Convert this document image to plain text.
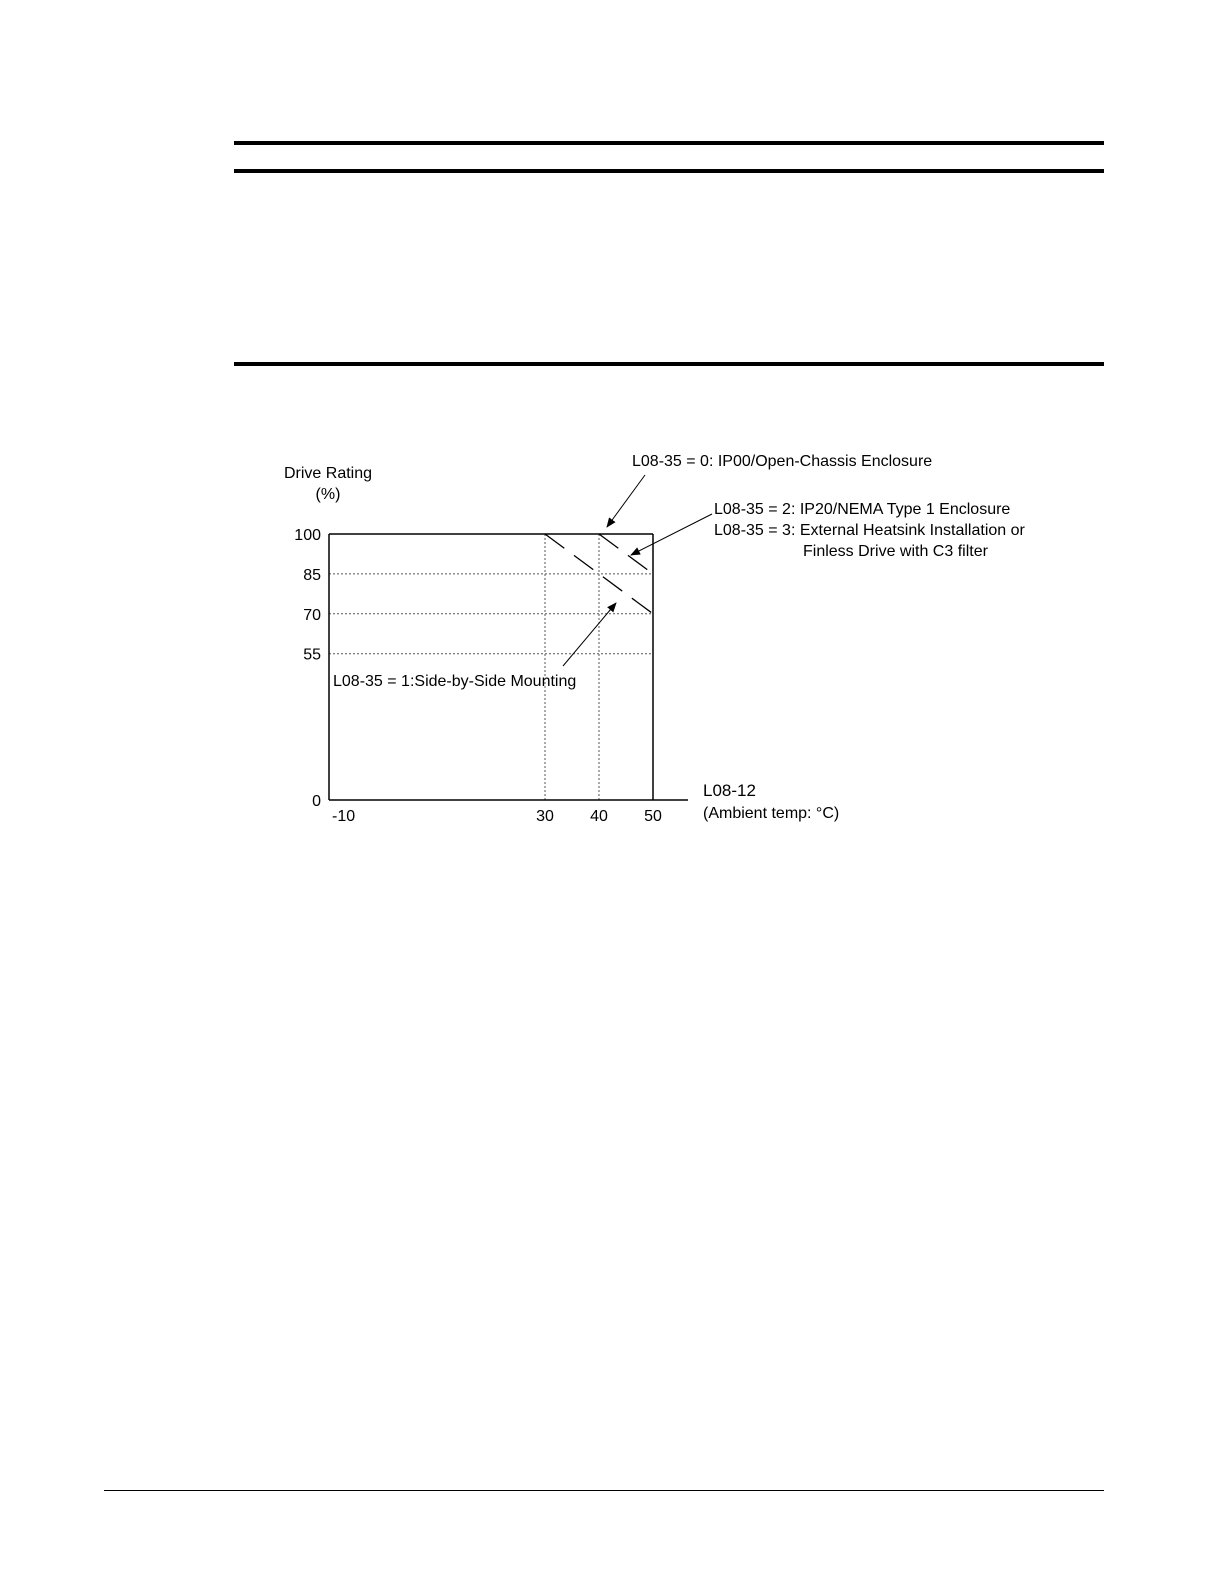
0
55
70
85
100
-10	30 40 50
Drive Rating
(%)
L08-12
(Ambient temp: °C)
L08-35 = 0: IP00/Open-Chassis Enclosure
L08-35 = 2: IP20/NEMA Type 1 Enclosure
L08-35 = 3: External Heatsink Installation or
Finless Drive with C3 filter
L08-35 = 1:Side-by-Side Mounting
